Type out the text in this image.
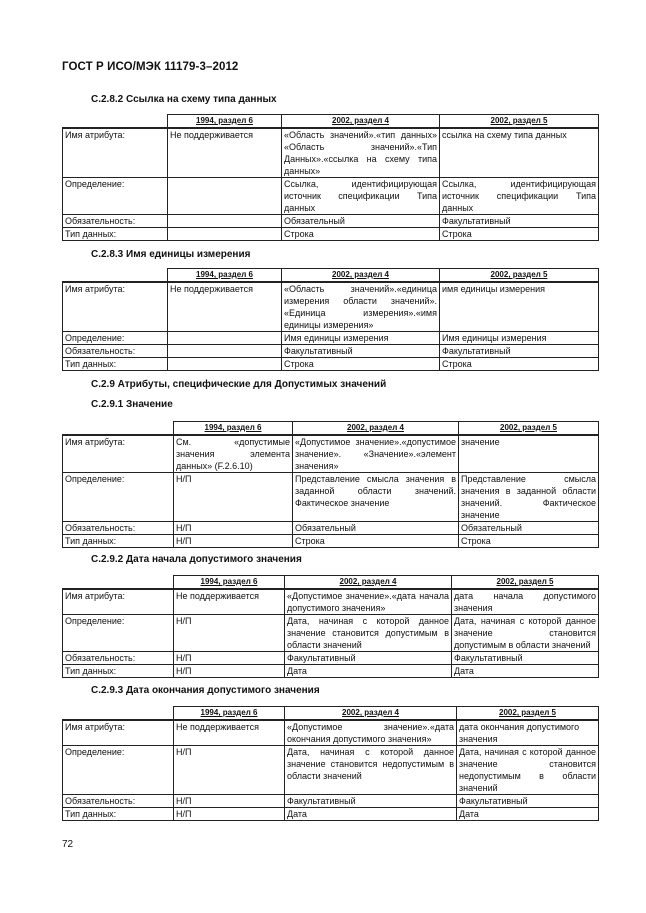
ГОСТ Р ИСО/МЭК 11179-3–2012
С.2.8.2 Ссылка на схему типа данных
	1994, раздел 6	2002, раздел 4	2002, раздел 5
Имя атрибута:	Не поддерживается	«Область значений».«тип данных» «Область значений».«Тип Данных».«ссылка на схему типа данных»	ссылка на схему типа данных
Определение:		Ссылка, идентифицирующая источник спецификации Типа данных	Ссылка, идентифицирующая источник спецификации Типа данных
Обязательность:		Обязательный	Факультативный
Тип данных:		Строка	Строка
С.2.8.3 Имя единицы измерения
	1994, раздел 6	2002, раздел 4	2002, раздел 5
Имя атрибута:	Не поддерживается	«Область значений».«единица измерения области значений». «Единица измерения».«имя единицы измерения»	имя единицы измерения
Определение:		Имя единицы измерения	Имя единицы измерения
Обязательность:		Факультативный	Факультативный
Тип данных:		Строка	Строка
С.2.9 Атрибуты, специфические для Допустимых значений
С.2.9.1 Значение
	1994, раздел 6	2002, раздел 4	2002, раздел 5
Имя атрибута:	См. «допустимые значения элемента данных» (F.2.6.10)	«Допустимое значение».«допустимое значение». «Значение».«элемент значения»	значение
Определение:	Н/П	Представление смысла значения в заданной области значений. Фактическое значение	Представление смысла значения в заданной области значений. Фактическое значение
Обязательность:	Н/П	Обязательный	Обязательный
Тип данных:	Н/П	Строка	Строка
С.2.9.2 Дата начала допустимого значения
	1994, раздел 6	2002, раздел 4	2002, раздел 5
Имя атрибута:	Не поддерживается	«Допустимое значение».«дата начала допустимого значения»	дата начала допустимого значения
Определение:	Н/П	Дата, начиная с которой данное значение становится допустимым в области значений	Дата, начиная с которой данное значение становится допустимым в области значений
Обязательность:	Н/П	Факультативный	Факультативный
Тип данных:	Н/П	Дата	Дата
С.2.9.3 Дата окончания допустимого значения
	1994, раздел 6	2002, раздел 4	2002, раздел 5
Имя атрибута:	Не поддерживается	«Допустимое значение».«дата окончания допустимого значения»	дата окончания допустимого значения
Определение:	Н/П	Дата, начиная с которой данное значение становится недопустимым в области значений	Дата, начиная с которой данное значение становится недопустимым в области значений
Обязательность:	Н/П	Факультативный	Факультативный
Тип данных:	Н/П	Дата	Дата
72
